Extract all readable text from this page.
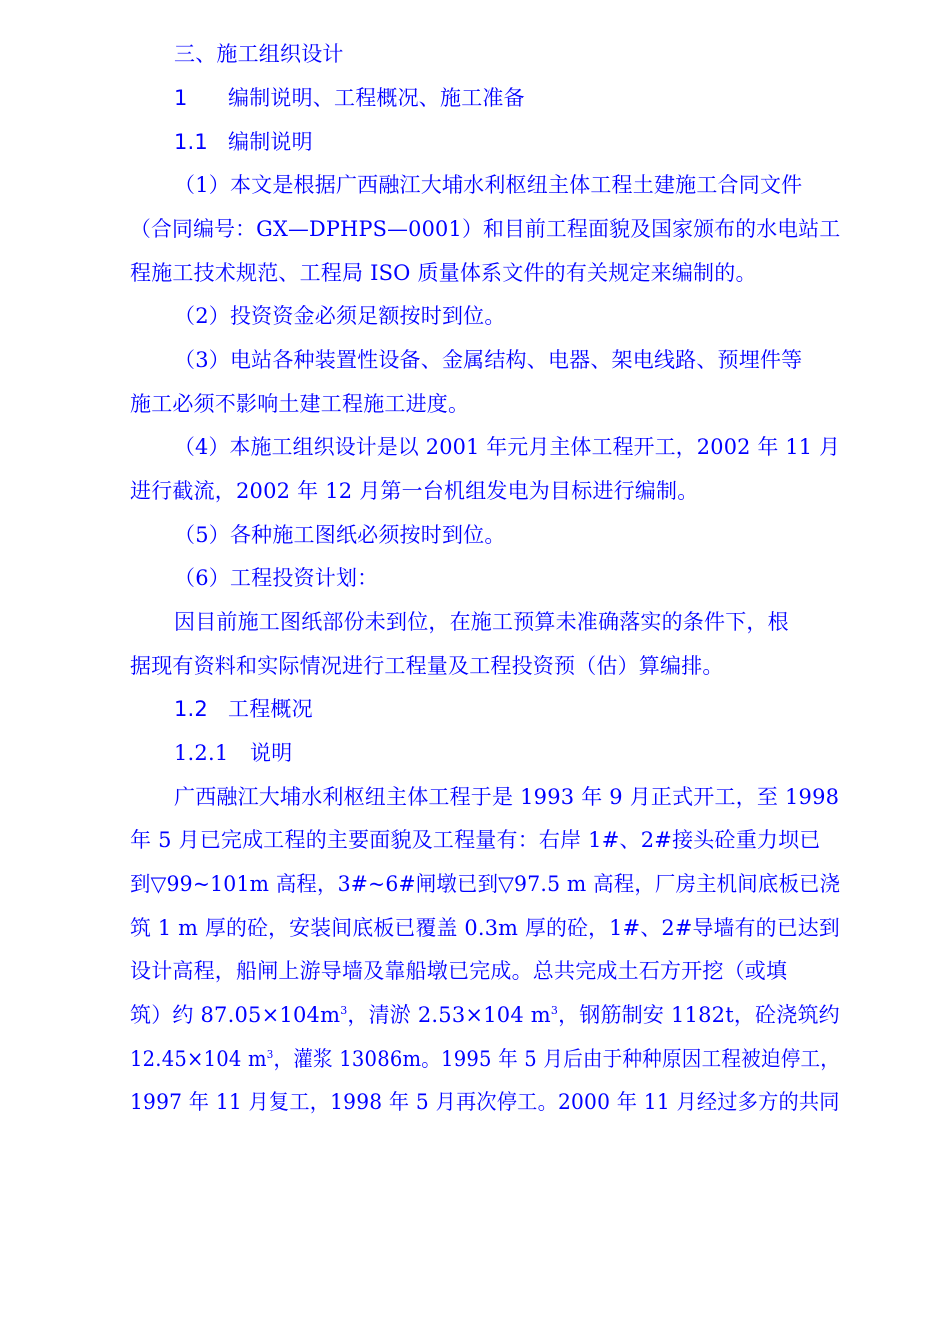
三、施工组织设计
1 编制说明、工程概况、施工准备
1.1 编制说明
（1）本文是根据广西融江大埔水利枢纽主体工程土建施工合同文件
（合同编号：GX—DPHPS—0001）和目前工程面貌及国家颁布的水电站工
程施工技术规范、工程局 ISO 质量体系文件的有关规定来编制的。
（2）投资资金必须足额按时到位。
（3）电站各种装置性设备、金属结构、电器、架电线路、预埋件等
施工必须不影响土建工程施工进度。
（4）本施工组织设计是以 2001 年元月主体工程开工，2002 年 11 月
进行截流，2002 年 12 月第一台机组发电为目标进行编制。
（5）各种施工图纸必须按时到位。
（6）工程投资计划：
因目前施工图纸部份未到位，在施工预算未准确落实的条件下，根
据现有资料和实际情况进行工程量及工程投资预（估）算编排。
1.2 工程概况
1.2.1 说明
广西融江大埔水利枢纽主体工程于是 1993 年 9 月正式开工，至 1998
年 5 月已完成工程的主要面貌及工程量有：右岸 1#、2#接头砼重力坝已
到▽99~101m 高程，3#~6#闸墩已到▽97.5 m 高程，厂房主机间底板已浇
筑 1 m 厚的砼，安装间底板已覆盖 0.3m 厚的砼，1#、2#导墙有的已达到
设计高程，船闸上游导墙及靠船墩已完成。总共完成土石方开挖（或填
筑）约 $87.05\times 104m^3$，清淤 2.53×104 $m^3$，钢筋制安 1182t，砼浇筑约
12.45×104 $m^3$，灌浆 13086m。1995 年 5 月后由于种种原因工程被迫停工，
1997 年 11 月复工，1998 年 5 月再次停工。2000 年 11 月经过多方的共同
